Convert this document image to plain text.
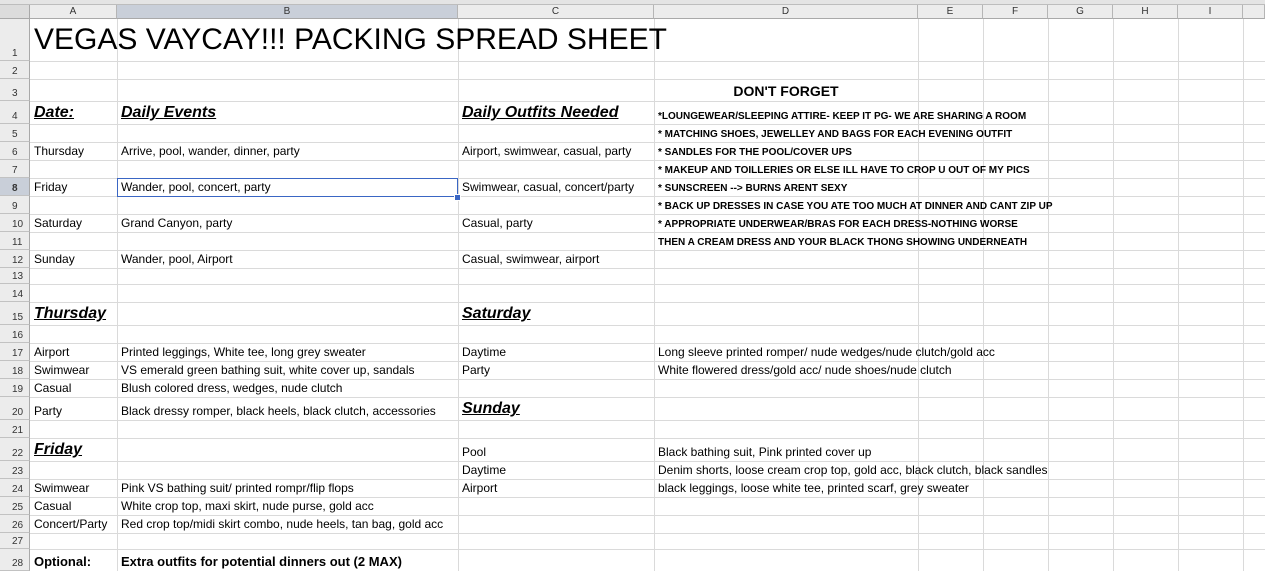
A	B	C	D	E	F	G	H	I
1
2
3
4
5
6
7
8
9
10
11
12
13
14
15
16
17
18
19
20
21
22
23
24
25
26
27
28
VEGAS VAYCAY!!! PACKING SPREAD SHEET
DON'T FORGET
*LOUNGEWEAR/SLEEPING ATTIRE- KEEP IT PG- WE ARE SHARING A ROOM
* MATCHING SHOES, JEWELLEY AND BAGS FOR EACH EVENING OUTFIT
* SANDLES FOR THE POOL/COVER UPS
* MAKEUP AND TOILLERIES OR ELSE ILL HAVE TO CROP U OUT OF MY PICS
* SUNSCREEN --> BURNS ARENT SEXY
* BACK UP DRESSES IN CASE YOU ATE TOO MUCH AT DINNER AND CANT ZIP UP
* APPROPRIATE UNDERWEAR/BRAS FOR EACH DRESS-NOTHING WORSE
THEN A CREAM DRESS AND YOUR BLACK THONG SHOWING UNDERNEATH
Date:	Daily Events	Daily Outfits Needed
Thursday	Arrive, pool, wander, dinner, party	Airport, swimwear, casual, party
Friday	Wander, pool, concert, party	Swimwear, casual, concert/party
Saturday	Grand Canyon, party	Casual, party
Sunday	Wander, pool, Airport	Casual, swimwear, airport
Thursday
Airport	Printed leggings, White tee, long grey sweater
Swimwear	VS emerald green bathing suit, white cover up, sandals
Casual	Blush colored dress, wedges, nude clutch
Party	Black dressy romper, black heels, black clutch, accessories
Saturday
Daytime	Long sleeve printed romper/ nude wedges/nude clutch/gold acc
Party	White flowered dress/gold acc/ nude shoes/nude clutch
Sunday
Pool	Black bathing suit, Pink printed cover up
Daytime	Denim shorts, loose cream crop top, gold acc, black clutch, black sandles
Airport	black leggings, loose white tee, printed scarf, grey sweater
Friday
Swimwear	Pink VS bathing suit/ printed rompr/flip flops
Casual	White crop top, maxi skirt, nude purse, gold acc
Concert/Party	Red crop top/midi skirt combo, nude heels, tan bag, gold acc
Optional:	Extra outfits for potential dinners out (2 MAX)
